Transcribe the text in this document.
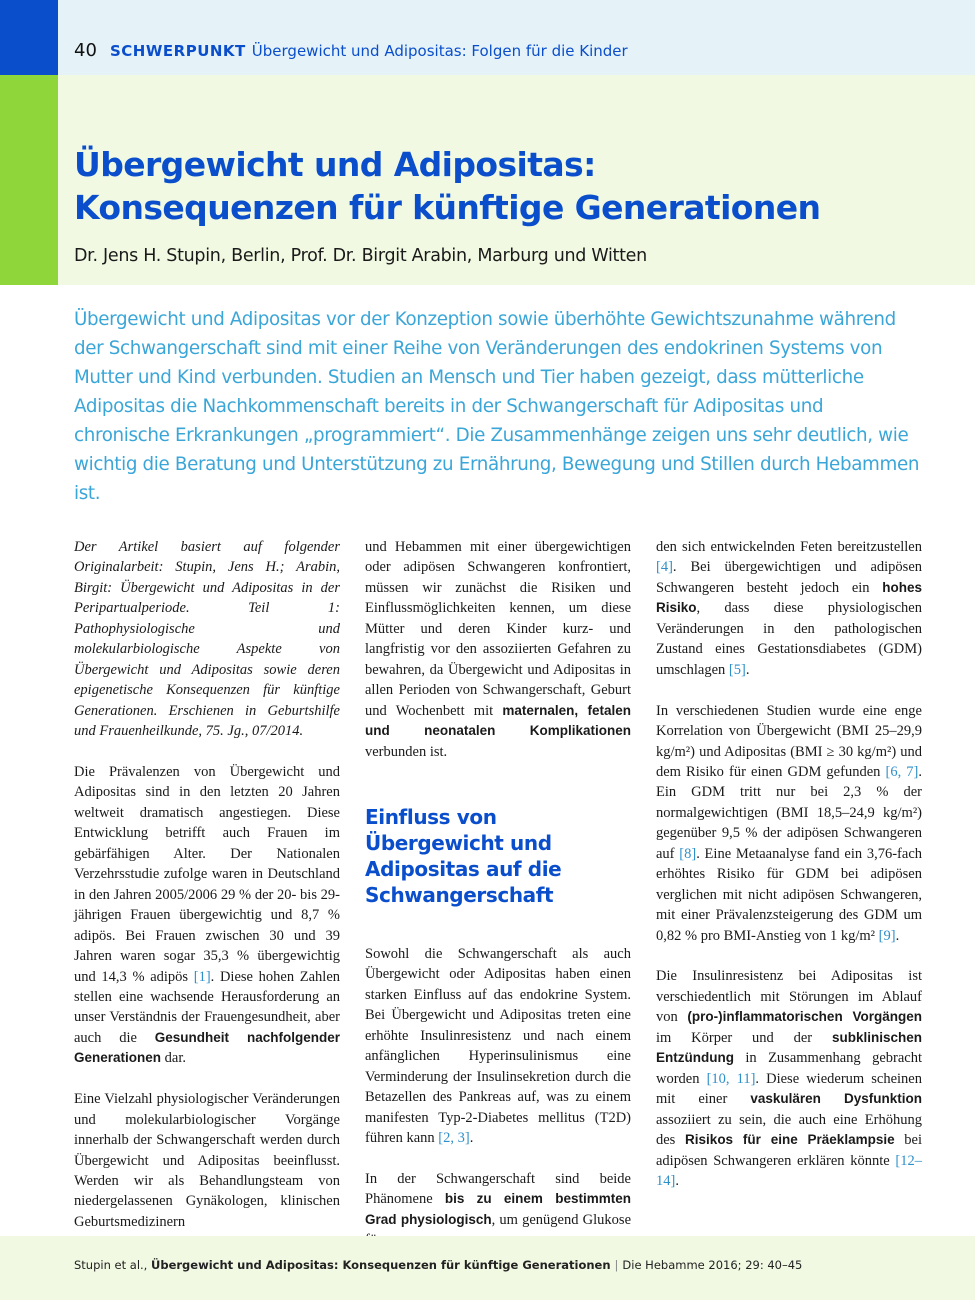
40 SCHWERPUNKT Übergewicht und Adipositas: Folgen für die Kinder
Übergewicht und Adipositas:
Konsequenzen für künftige Generationen
Dr. Jens H. Stupin, Berlin, Prof. Dr. Birgit Arabin, Marburg und Witten
Übergewicht und Adipositas vor der Konzeption sowie überhöhte Gewichtszunahme während der Schwangerschaft sind mit einer Reihe von Veränderungen des endokrinen Systems von Mutter und Kind verbunden. Studien an Mensch und Tier haben gezeigt, dass mütterliche Adipositas die Nachkommenschaft bereits in der Schwangerschaft für Adipositas und chronische Erkrankungen „programmiert“. Die Zusammenhänge zeigen uns sehr deutlich, wie wichtig die Beratung und Unterstützung zu Ernährung, Bewegung und Stillen durch Hebammen ist.

Der Artikel basiert auf folgender Originalarbeit: Stupin, Jens H.; Arabin, Birgit: Übergewicht und Adipositas in der Peripartualperiode. Teil 1: Pathophysiologische und molekularbiologische Aspekte von Übergewicht und Adipositas sowie deren epigenetische Konsequenzen für künftige Generationen. Erschienen in Geburtshilfe und Frauenheilkunde, 75. Jg., 07/2014.

Die Prävalenzen von Übergewicht und Adipositas sind in den letzten 20 Jahren weltweit dramatisch angestiegen. Diese Entwicklung betrifft auch Frauen im gebärfähigen Alter. Der Nationalen Verzehrsstudie zufolge waren in Deutschland in den Jahren 2005/2006 29 % der 20- bis 29-jährigen Frauen übergewichtig und 8,7 % adipös. Bei Frauen zwischen 30 und 39 Jahren waren sogar 35,3 % übergewichtig und 14,3 % adipös [1]. Diese hohen Zahlen stellen eine wachsende Herausforderung an unser Verständnis der Frauengesundheit, aber auch die Gesundheit nachfolgender Generationen dar.

Eine Vielzahl physiologischer Veränderungen und molekularbiologischer Vorgänge innerhalb der Schwangerschaft werden durch Übergewicht und Adipositas beeinflusst. Werden wir als Behandlungsteam von niedergelassenen Gynäkologen, klinischen Geburtsmedizinern

und Hebammen mit einer übergewichtigen oder adipösen Schwangeren konfrontiert, müssen wir zunächst die Risiken und Einflussmöglichkeiten kennen, um diese Mütter und deren Kinder kurz- und langfristig vor den assoziierten Gefahren zu bewahren, da Übergewicht und Adipositas in allen Perioden von Schwangerschaft, Geburt und Wochenbett mit maternalen, fetalen und neonatalen Komplikationen verbunden ist.

Einfluss von Übergewicht und Adipositas auf die Schwangerschaft

Sowohl die Schwangerschaft als auch Übergewicht oder Adipositas haben einen starken Einfluss auf das endokrine System. Bei Übergewicht und Adipositas treten eine erhöhte Insulinresistenz und nach einem anfänglichen Hyperinsulinismus eine Verminderung der Insulinsekretion durch die Betazellen des Pankreas auf, was zu einem manifesten Typ-2-Diabetes mellitus (T2D) führen kann [2, 3].

In der Schwangerschaft sind beide Phänomene bis zu einem bestimmten Grad physiologisch, um genügend Glukose

den sich entwickelnden Feten bereitzustellen [4]. Bei übergewichtigen und adipösen Schwangeren besteht jedoch ein hohes Risiko, dass diese physiologischen Veränderungen in den pathologischen Zustand eines Gestationsdiabetes (GDM) umschlagen [5].

In verschiedenen Studien wurde eine enge Korrelation von Übergewicht (BMI 25–29,9 kg/m²) und Adipositas (BMI ≥ 30 kg/m²) und dem Risiko für einen GDM gefunden [6, 7]. Ein GDM tritt nur bei 2,3 % der normalgewichtigen (BMI 18,5–24,9 kg/m²) gegenüber 9,5 % der adipösen Schwangeren auf [8]. Eine Metaanalyse fand ein 3,76-fach erhöhtes Risiko für GDM bei adipösen verglichen mit nicht adipösen Schwangeren, mit einer Prävalenzsteigerung des GDM um 0,82 % pro BMI-Anstieg von 1 kg/m² [9].

Die Insulinresistenz bei Adipositas ist verschiedentlich mit Störungen im Ablauf von (pro-)inflammatorischen Vorgängen im Körper und der subklinischen Entzündung in Zusammenhang gebracht worden [10, 11]. Diese wiederum scheinen mit einer vaskulären Dysfunktion assoziiert zu sein, die auch eine Erhöhung des Risikos für eine Präeklampsie bei adipösen Schwangeren erklären könnte [12–14].

Stupin et al., Übergewicht und Adipositas: Konsequenzen für künftige Generationen | Die Hebamme 2016; 29: 40–45
